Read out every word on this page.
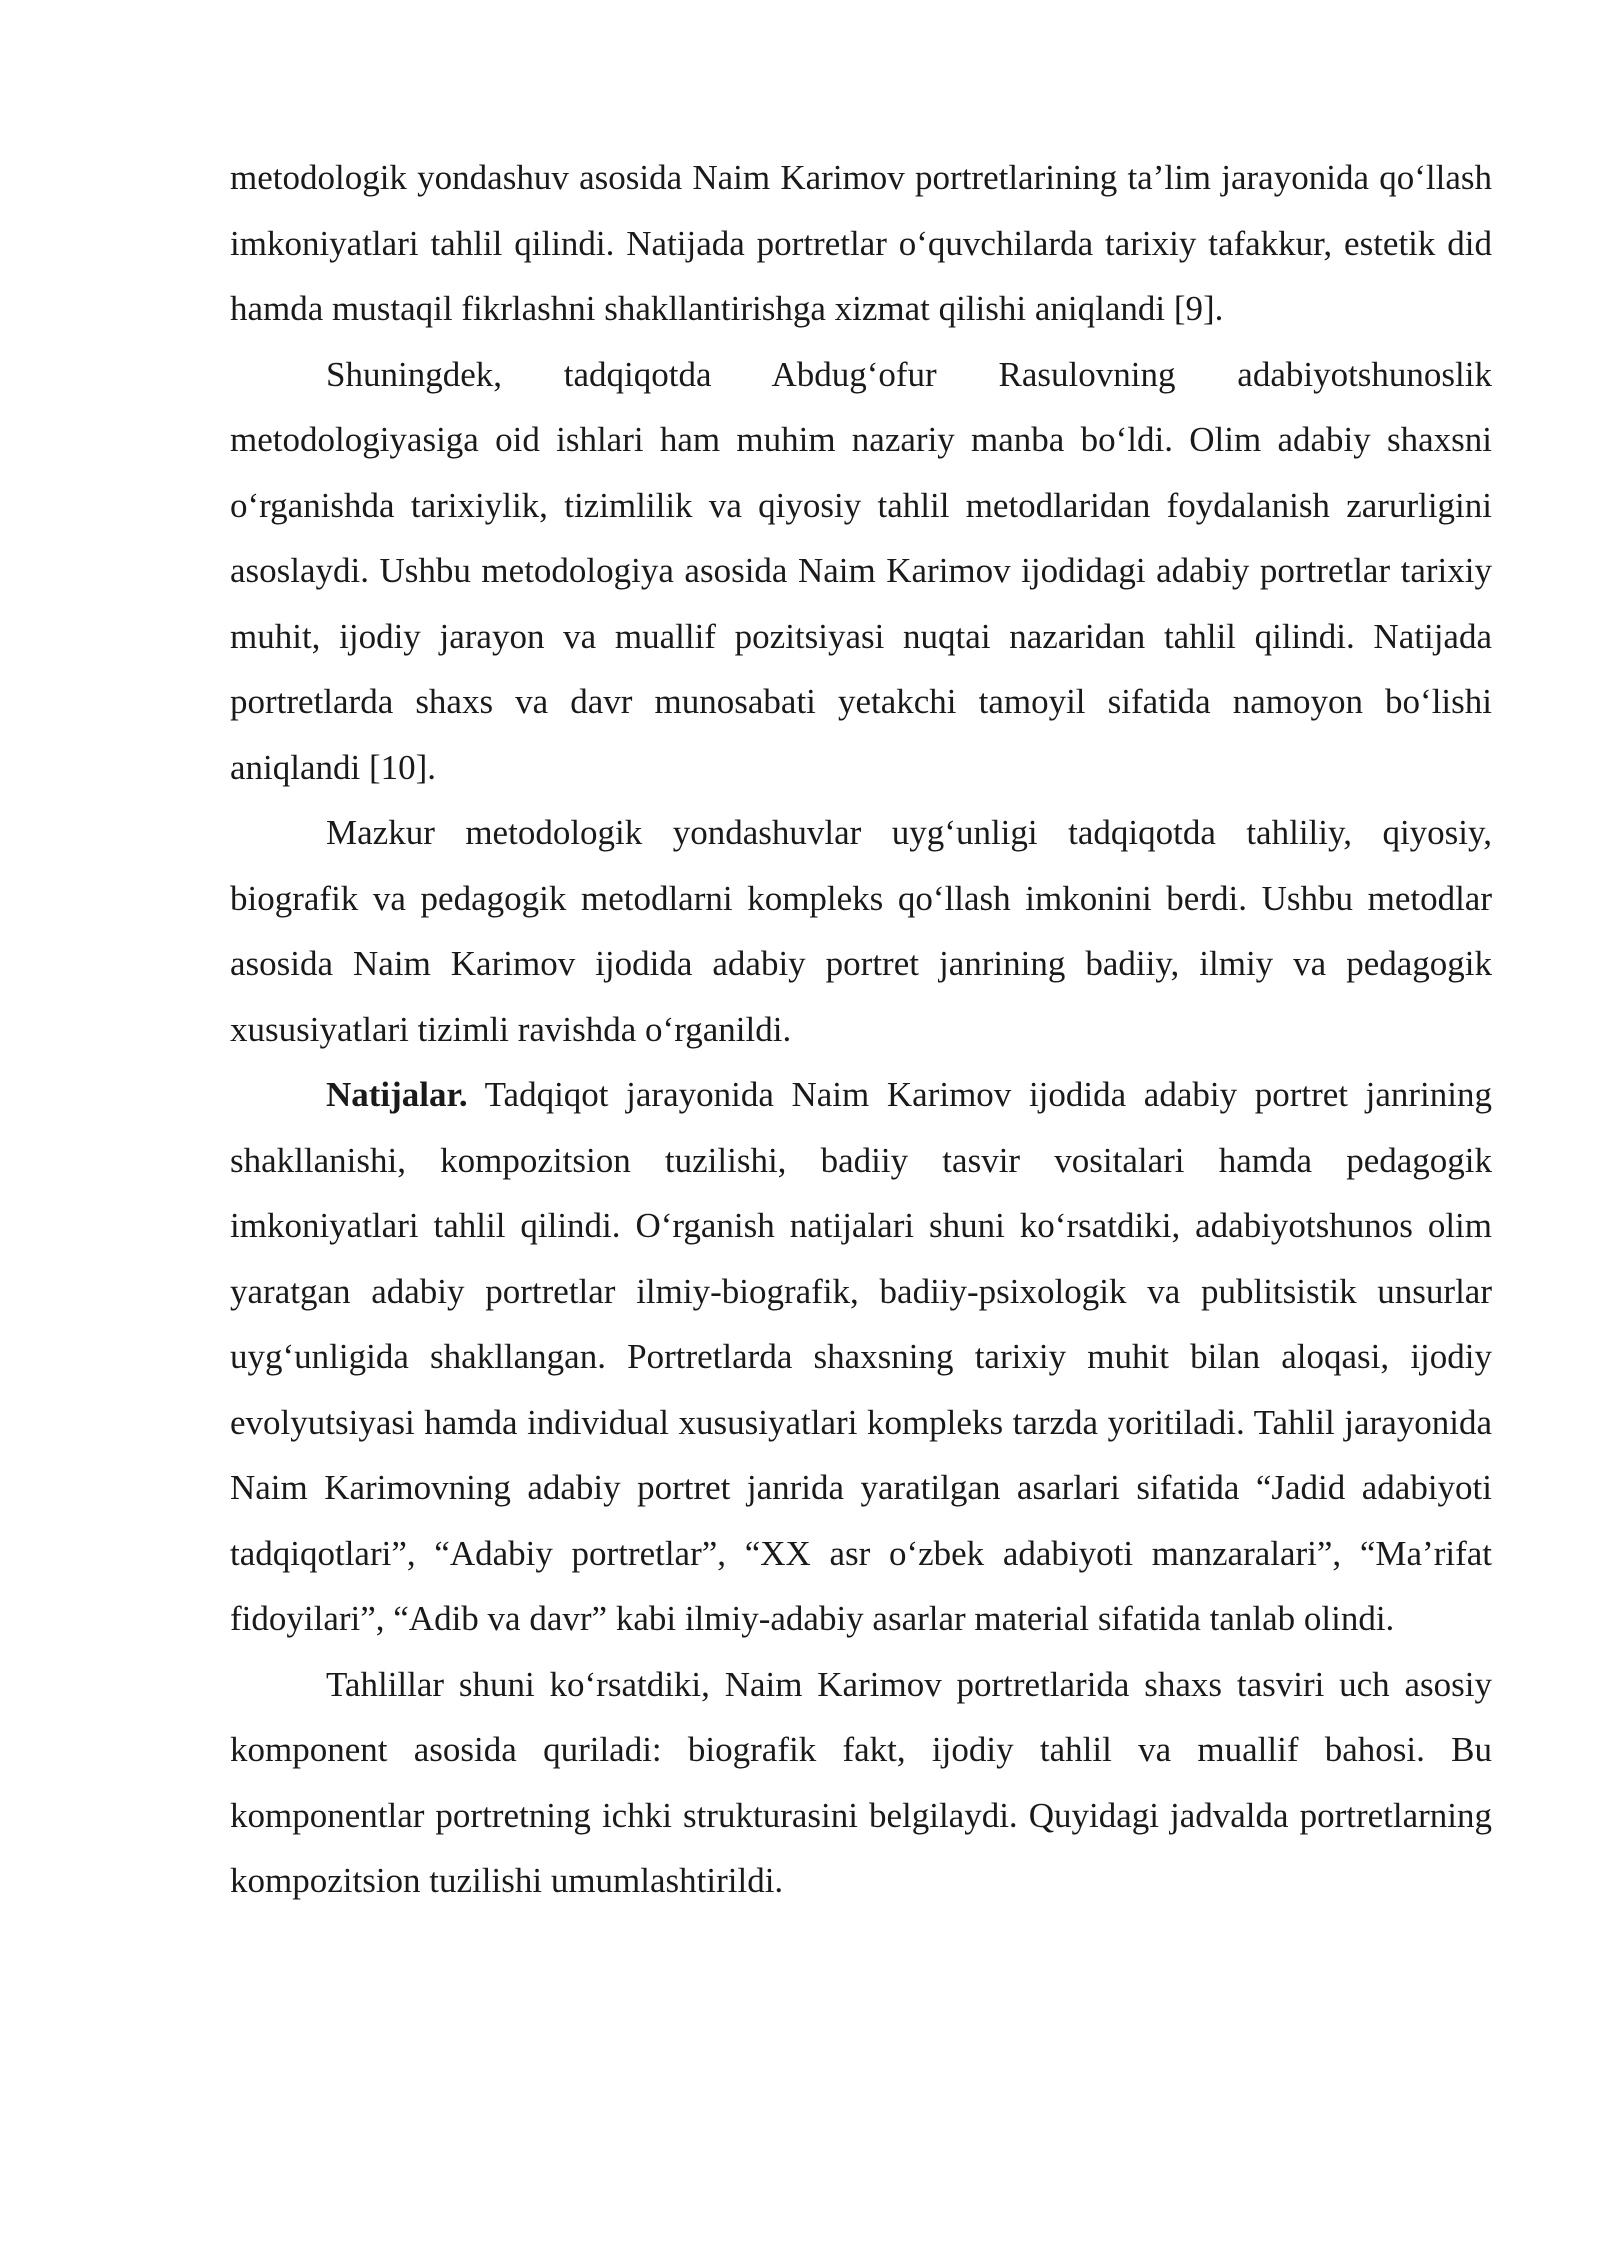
metodologik yondashuv asosida Naim Karimov portretlarining ta’lim jarayonida qo‘llash imkoniyatlari tahlil qilindi. Natijada portretlar o‘quvchilarda tarixiy tafakkur, estetik did hamda mustaqil fikrlashni shakllantirishga xizmat qilishi aniqlandi [9].

Shuningdek, tadqiqotda Abdug‘ofur Rasulovning adabiyotshunoslik metodologiyasiga oid ishlari ham muhim nazariy manba bo‘ldi. Olim adabiy shaxsni o‘rganishda tarixiylik, tizimlilik va qiyosiy tahlil metodlaridan foydalanish zarurligini asoslaydi. Ushbu metodologiya asosida Naim Karimov ijodidagi adabiy portretlar tarixiy muhit, ijodiy jarayon va muallif pozitsiyasi nuqtai nazaridan tahlil qilindi. Natijada portretlarda shaxs va davr munosabati yetakchi tamoyil sifatida namoyon bo‘lishi aniqlandi [10].

Mazkur metodologik yondashuvlar uyg‘unligi tadqiqotda tahliliy, qiyosiy, biografik va pedagogik metodlarni kompleks qo‘llash imkonini berdi. Ushbu metodlar asosida Naim Karimov ijodida adabiy portret janrining badiiy, ilmiy va pedagogik xususiyatlari tizimli ravishda o‘rganildi.

Natijalar. Tadqiqot jarayonida Naim Karimov ijodida adabiy portret janrining shakllanishi, kompozitsion tuzilishi, badiiy tasvir vositalari hamda pedagogik imkoniyatlari tahlil qilindi. O‘rganish natijalari shuni ko‘rsatdiki, adabiyotshunos olim yaratgan adabiy portretlar ilmiy-biografik, badiiy-psixologik va publitsistik unsurlar uyg‘unligida shakllangan. Portretlarda shaxsning tarixiy muhit bilan aloqasi, ijodiy evolyutsiyasi hamda individual xususiyatlari kompleks tarzda yoritiladi. Tahlil jarayonida Naim Karimovning adabiy portret janrida yaratilgan asarlari sifatida “Jadid adabiyoti tadqiqotlari”, “Adabiy portretlar”, “XX asr o‘zbek adabiyoti manzaralari”, “Ma’rifat fidoyilari”, “Adib va davr” kabi ilmiy-adabiy asarlar material sifatida tanlab olindi.

Tahlillar shuni ko‘rsatdiki, Naim Karimov portretlarida shaxs tasviri uch asosiy komponent asosida quriladi: biografik fakt, ijodiy tahlil va muallif bahosi. Bu komponentlar portretning ichki strukturasini belgilaydi. Quyidagi jadvalda portretlarning kompozitsion tuzilishi umumlashtirildi.
